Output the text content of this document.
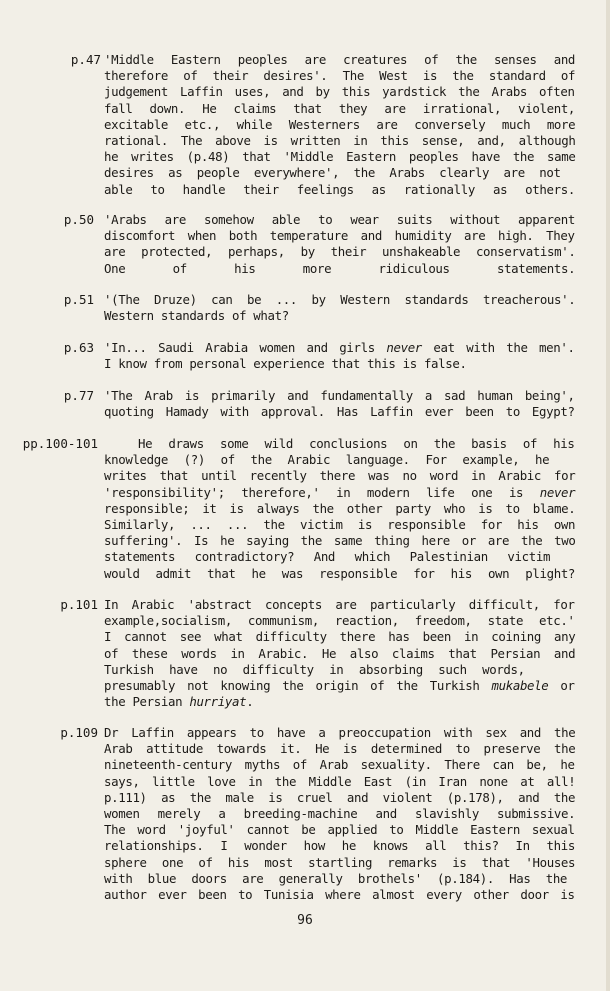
p.47 'Middle Eastern peoples are creatures of the senses and
therefore of their desires'. The West is the standard of
judgement Laffin uses, and by this yardstick the Arabs often
fall down. He claims that they are irrational, violent,
excitable etc., while Westerners are conversely much more
rational. The above is written in this sense, and, although
he writes (p.48) that 'Middle Eastern peoples have the same
desires as people everywhere', the Arabs clearly are not
able to handle their feelings as rationally as others.
p.50 'Arabs are somehow able to wear suits without apparent
discomfort when both temperature and humidity are high. They
are protected, perhaps, by their unshakeable conservatism'.
One of his more ridiculous statements.
p.51 '(The Druze) can be ... by Western standards treacherous'.
Western standards of what?
p.63 'In... Saudi Arabia women and girls never eat with the men'.
I know from personal experience that this is false.
p.77 'The Arab is primarily and fundamentally a sad human being',
quoting Hamady with approval. Has Laffin ever been to Egypt?
pp.100-101	He draws some wild conclusions on the basis of his
knowledge (?) of the Arabic language. For example, he
writes that until recently there was no word in Arabic for
'responsibility'; therefore,' in modern life one is never
responsible; it is always the other party who is to blame.
Similarly, ... ... the victim is responsible for his own
suffering'. Is he saying the same thing here or are the two
statements contradictory? And which Palestinian victim
would admit that he was responsible for his own plight?
p.101 In Arabic 'abstract concepts are particularly difficult, for
example,socialism, communism, reaction, freedom, state etc.'
I cannot see what difficulty there has been in coining any
of these words in Arabic. He also claims that Persian and
Turkish have no difficulty in absorbing such words,
presumably not knowing the origin of the Turkish mukabele or
the Persian hurriyat.
p.109 Dr Laffin appears to have a preoccupation with sex and the
Arab attitude towards it. He is determined to preserve the
nineteenth-century myths of Arab sexuality. There can be, he
says, little love in the Middle East (in Iran none at all!
p.111) as the male is cruel and violent (p.178), and the
women merely a breeding-machine and slavishly submissive.
The word 'joyful' cannot be applied to Middle Eastern sexual
relationships. I wonder how he knows all this? In this
sphere one of his most startling remarks is that 'Houses
with blue doors are generally brothels' (p.184). Has the
author ever been to Tunisia where almost every other door is
96
